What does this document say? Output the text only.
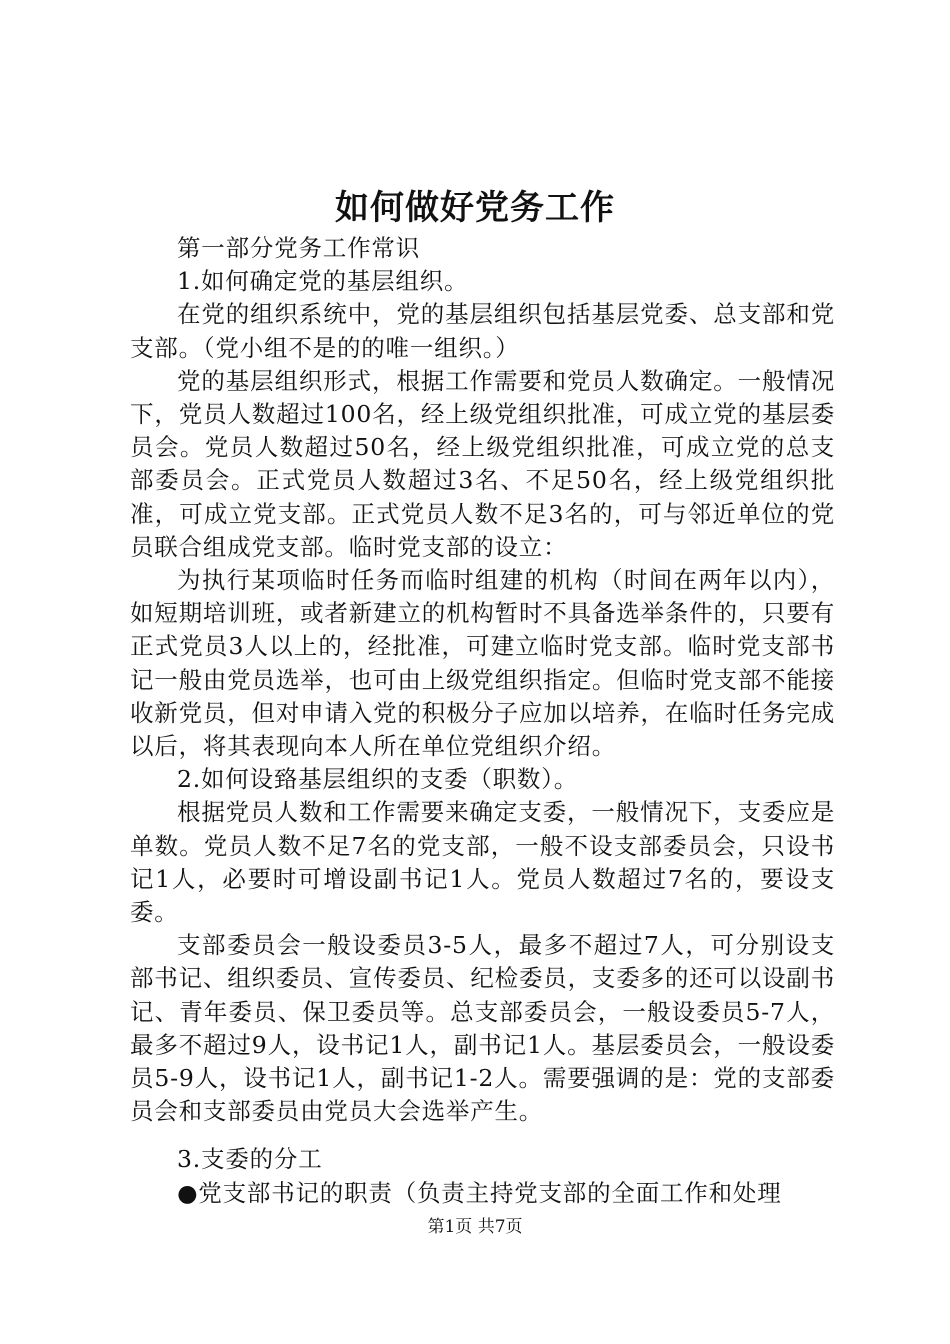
如何做好党务工作

第一部分党务工作常识

1.如何确定党的基层组织。

在党的组织系统中，党的基层组织包括基层党委、总支部和党支部。（党小组不是的的唯一组织。）

党的基层组织形式，根据工作需要和党员人数确定。一般情况下，党员人数超过100名，经上级党组织批准，可成立党的基层委员会。党员人数超过50名，经上级党组织批准，可成立党的总支部委员会。正式党员人数超过3名、不足50名，经上级党组织批准，可成立党支部。正式党员人数不足3名的，可与邻近单位的党员联合组成党支部。临时党支部的设立：

为执行某项临时任务而临时组建的机构（时间在两年以内），如短期培训班，或者新建立的机构暂时不具备选举条件的，只要有正式党员3人以上的，经批准，可建立临时党支部。临时党支部书记一般由党员选举，也可由上级党组织指定。但临时党支部不能接收新党员，但对申请入党的积极分子应加以培养，在临时任务完成以后，将其表现向本人所在单位党组织介绍。

2.如何设臵基层组织的支委（职数）。

根据党员人数和工作需要来确定支委，一般情况下，支委应是单数。党员人数不足7名的党支部，一般不设支部委员会，只设书记1人，必要时可增设副书记1人。党员人数超过7名的，要设支委。

支部委员会一般设委员3-5人，最多不超过7人，可分别设支部书记、组织委员、宣传委员、纪检委员，支委多的还可以设副书记、青年委员、保卫委员等。总支部委员会，一般设委员5-7人，最多不超过9人，设书记1人，副书记1人。基层委员会，一般设委员5-9人，设书记1人，副书记1-2人。需要强调的是：党的支部委员会和支部委员由党员大会选举产生。

3.支委的分工

●党支部书记的职责（负责主持党支部的全面工作和处理

第1页 共7页
